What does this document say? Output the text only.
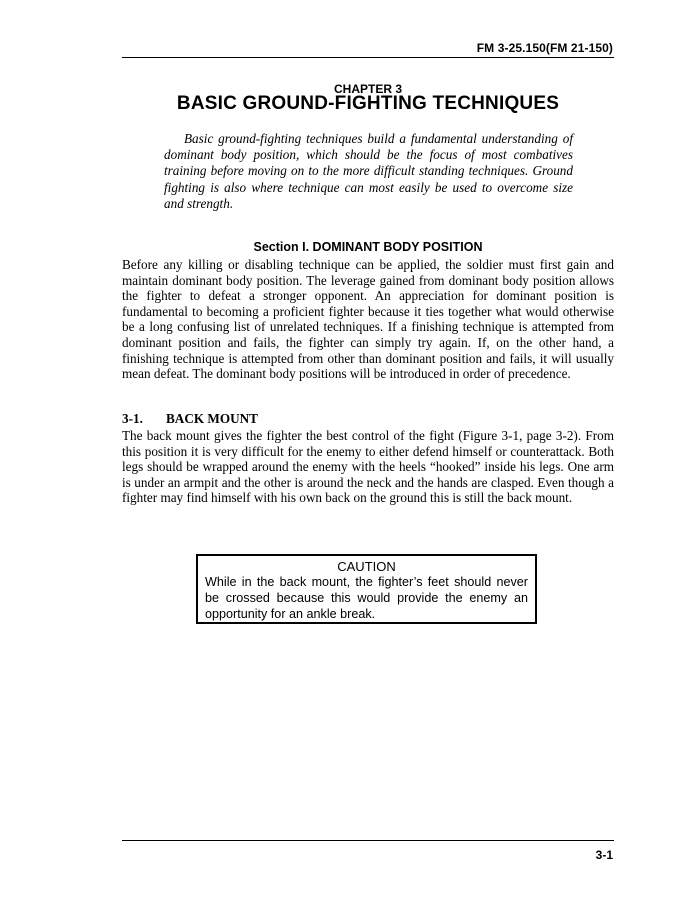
FM 3-25.150(FM 21-150)
CHAPTER 3
BASIC GROUND-FIGHTING TECHNIQUES

Basic ground-fighting techniques build a fundamental understanding of dominant body position, which should be the focus of most combatives training before moving on to the more difficult standing techniques. Ground fighting is also where technique can most easily be used to overcome size and strength.

Section I. DOMINANT BODY POSITION

Before any killing or disabling technique can be applied, the soldier must first gain and maintain dominant body position. The leverage gained from dominant body position allows the fighter to defeat a stronger opponent. An appreciation for dominant position is fundamental to becoming a proficient fighter because it ties together what would otherwise be a long confusing list of unrelated techniques. If a finishing technique is attempted from dominant position and fails, the fighter can simply try again. If, on the other hand, a finishing technique is attempted from other than dominant position and fails, it will usually mean defeat. The dominant body positions will be introduced in order of precedence.

3-1. BACK MOUNT

The back mount gives the fighter the best control of the fight (Figure 3-1, page 3-2). From this position it is very difficult for the enemy to either defend himself or counterattack. Both legs should be wrapped around the enemy with the heels “hooked” inside his legs. One arm is under an armpit and the other is around the neck and the hands are clasped. Even though a fighter may find himself with his own back on the ground this is still the back mount.

CAUTION

While in the back mount, the fighter’s feet should never be crossed because this would provide the enemy an opportunity for an ankle break.

3-1
